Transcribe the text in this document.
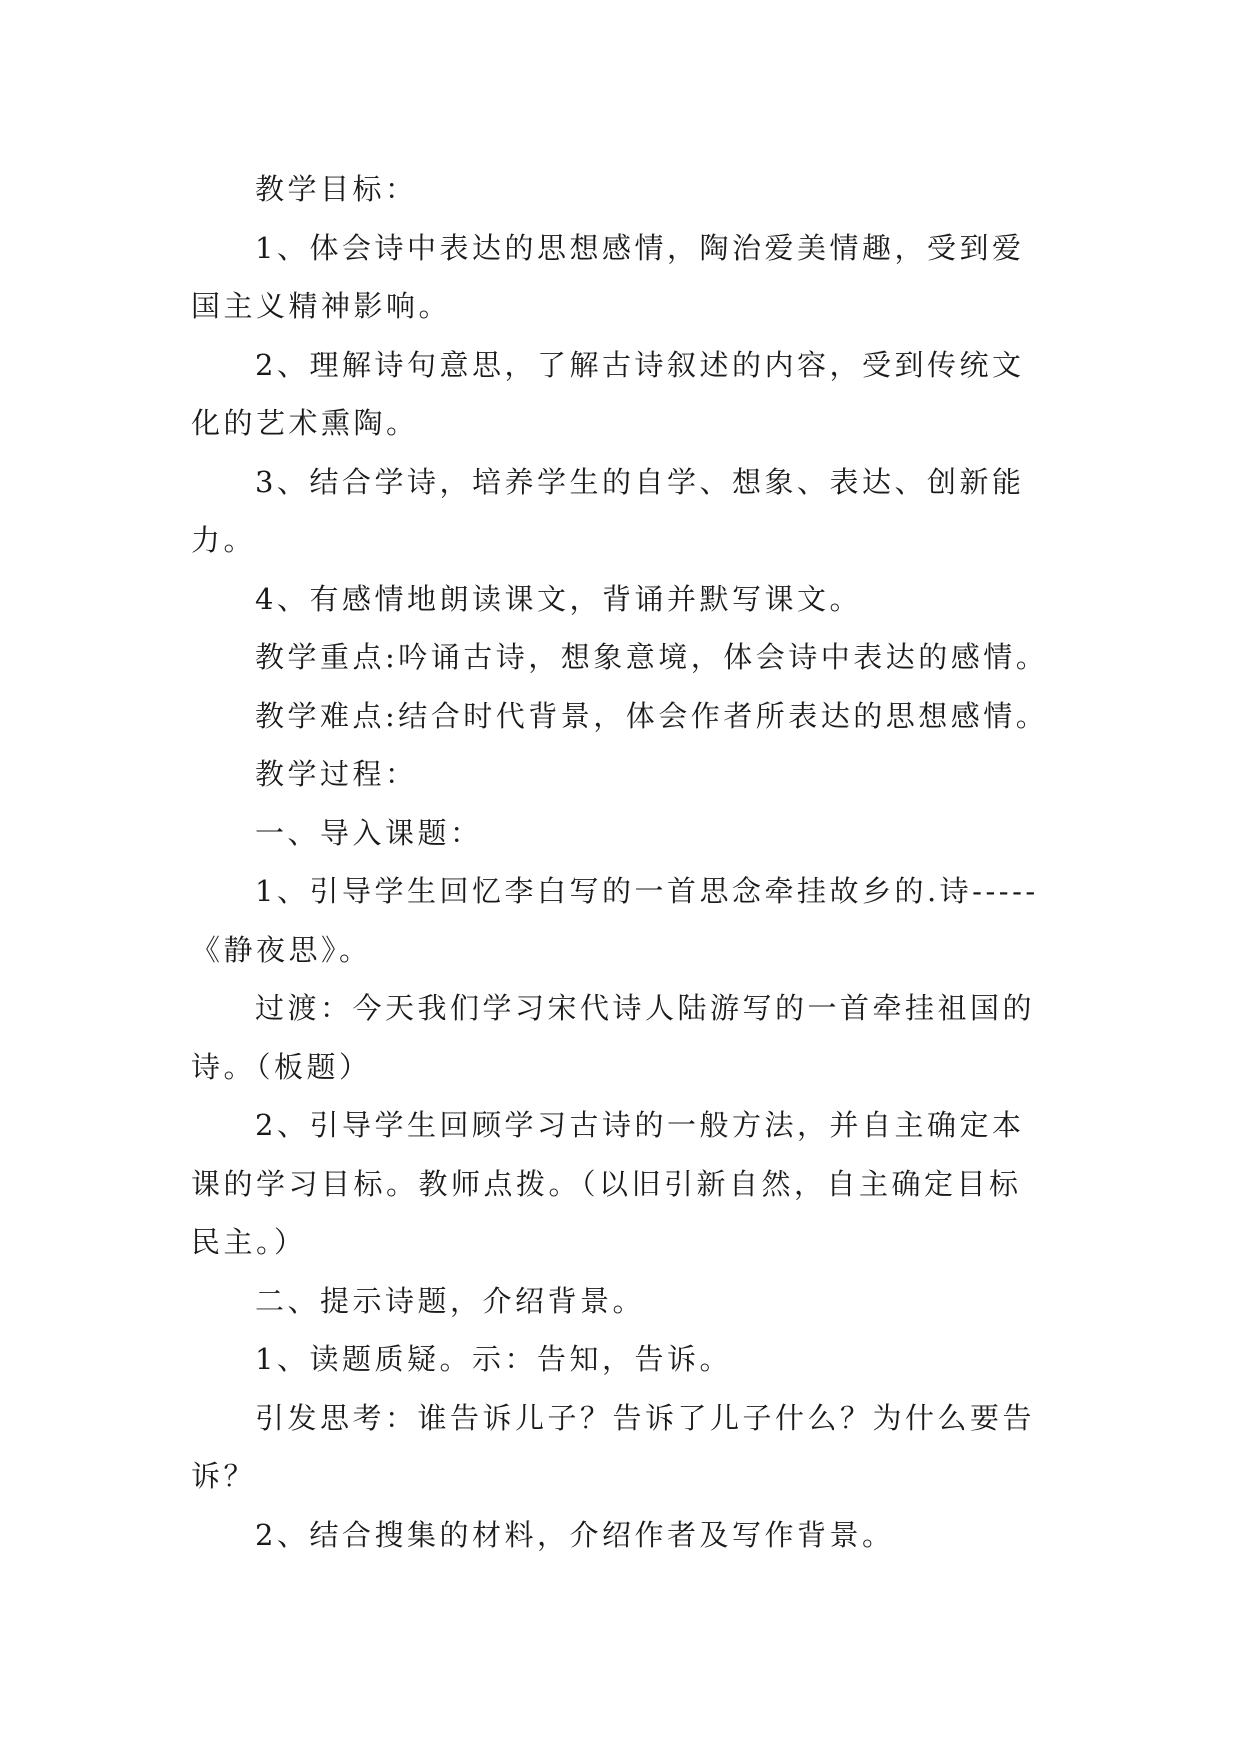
教学目标：

1、体会诗中表达的思想感情，陶治爱美情趣，受到爱国主义精神影响。

2、理解诗句意思，了解古诗叙述的内容，受到传统文化的艺术熏陶。

3、结合学诗，培养学生的自学、想象、表达、创新能力。

4、有感情地朗读课文，背诵并默写课文。

教学重点:吟诵古诗，想象意境，体会诗中表达的感情。

教学难点:结合时代背景，体会作者所表达的思想感情。

教学过程：

一、导入课题：

1、引导学生回忆李白写的一首思念牵挂故乡的.诗-----《静夜思》。

过渡：今天我们学习宋代诗人陆游写的一首牵挂祖国的诗。（板题）

2、引导学生回顾学习古诗的一般方法，并自主确定本课的学习目标。教师点拨。（以旧引新自然，自主确定目标民主。）

二、提示诗题，介绍背景。

1、读题质疑。示：告知，告诉。

引发思考：谁告诉儿子？告诉了儿子什么？为什么要告诉？

2、结合搜集的材料，介绍作者及写作背景。
